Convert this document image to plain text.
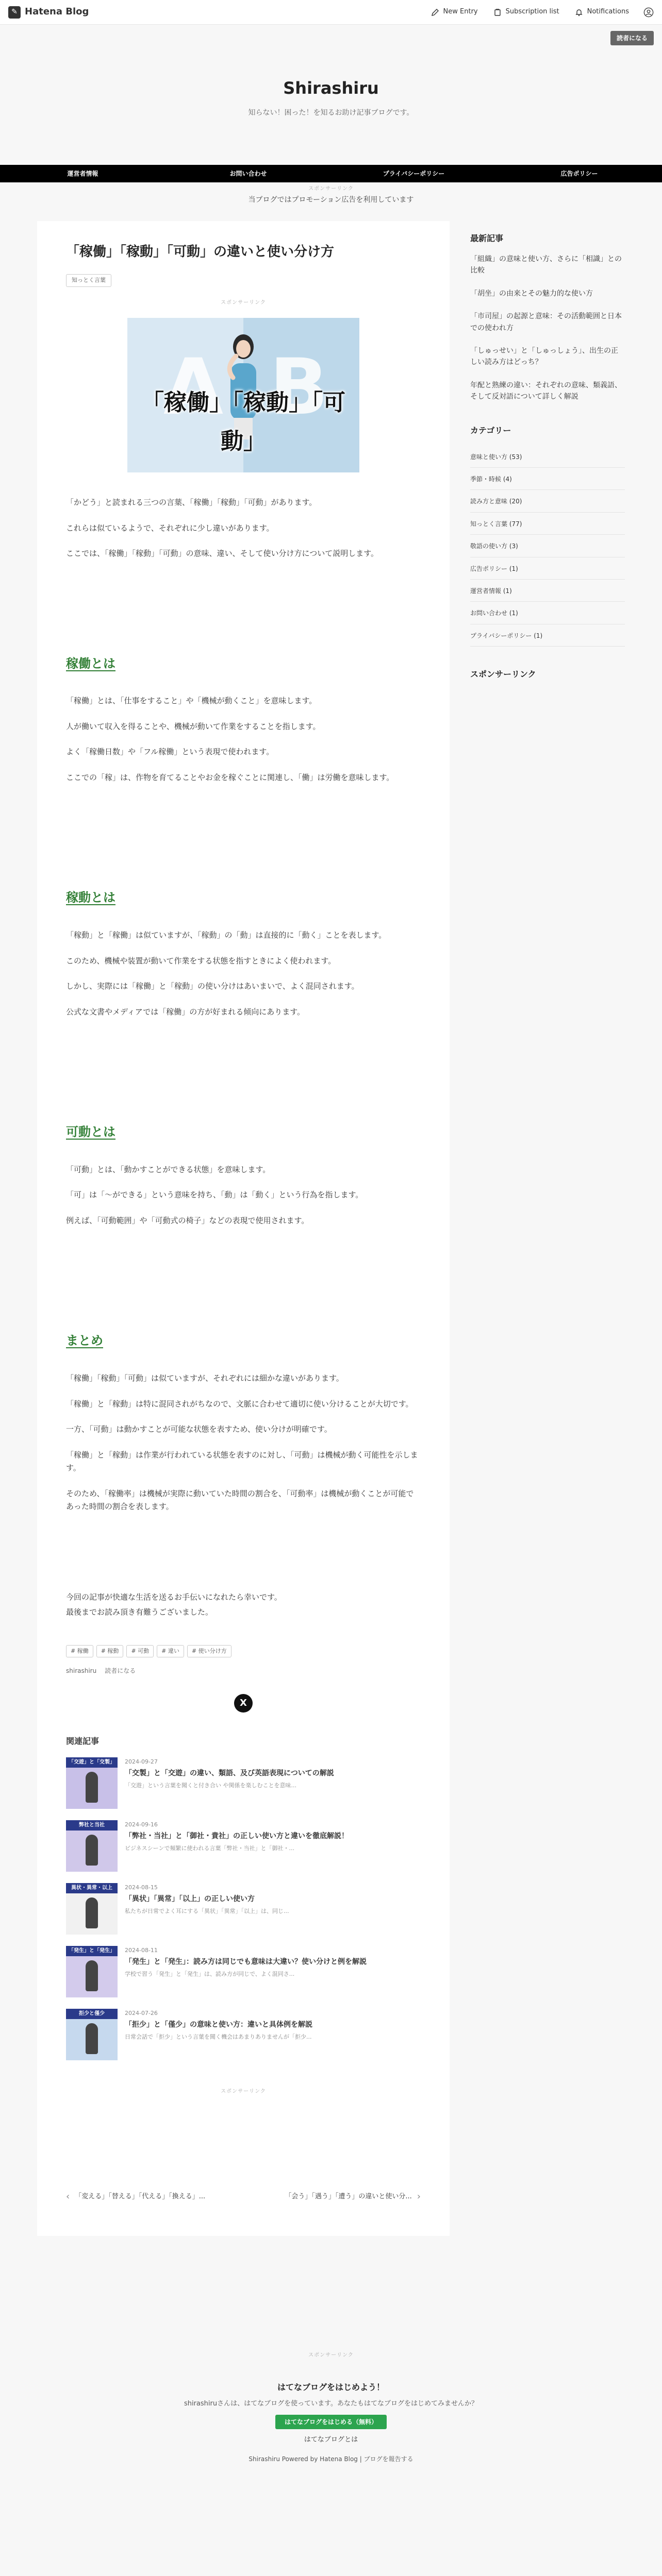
✎ Hatena Blog	New Entry	Subscription list	Notifications
読者になる
Shirashiru
知らない！困った！を知るお助け記事ブログです。
運営者情報	お問い合わせ	プライバシーポリシー	広告ポリシー
スポンサーリンク
当ブログではプロモーション広告を利用しています
「稼働」「稼動」「可動」の違いと使い分け方
知っとく言葉
スポンサーリンク
A B
「稼働」「稼動」「可動」

「かどう」と読まれる三つの言葉、「稼働」「稼動」「可動」があります。

これらは似ているようで、それぞれに少し違いがあります。

ここでは、「稼働」「稼動」「可動」の意味、違い、そして使い分け方について説明します。

稼働とは

「稼働」とは、「仕事をすること」や「機械が動くこと」を意味します。

人が働いて収入を得ることや、機械が動いて作業をすることを指します。

よく「稼働日数」や「フル稼働」という表現で使われます。

ここでの「稼」は、作物を育てることやお金を稼ぐことに関連し、「働」は労働を意味します。

稼動とは

「稼動」と「稼働」は似ていますが、「稼動」の「動」は直接的に「動く」ことを表します。

このため、機械や装置が動いて作業をする状態を指すときによく使われます。

しかし、実際には「稼働」と「稼動」の使い分けはあいまいで、よく混同されます。

公式な文書やメディアでは「稼働」の方が好まれる傾向にあります。

可動とは

「可動」とは、「動かすことができる状態」を意味します。

「可」は「〜ができる」という意味を持ち、「動」は「動く」という行為を指します。

例えば、「可動範囲」や「可動式の椅子」などの表現で使用されます。

まとめ

「稼働」「稼動」「可動」は似ていますが、それぞれには細かな違いがあります。

「稼働」と「稼動」は特に混同されがちなので、文脈に合わせて適切に使い分けることが大切です。

一方、「可動」は動かすことが可能な状態を表すため、使い分けが明確です。

「稼働」と「稼動」は作業が行われている状態を表すのに対し、「可動」は機械が動く可能性を示します。

そのため、「稼働率」は機械が実際に動いていた時間の割合を、「可動率」は機械が動くことが可能であった時間の割合を表します。

今回の記事が快適な生活を送るお手伝いになれたら幸いです。

最後までお読み頂き有難うございました。

# 稼働	# 稼動	# 可動	# 違い	# 使い分け方
shirashiru 読者になる
X
関連記事
「交遊」と「交製」	2024-09-27
「交製」と「交遊」の違い、類語、及び英語表現についての解説
「交遊」という言葉を聞くと付き合い や関係を楽しむことを意味...
弊社と当社	2024-09-16
「弊社・当社」と「御社・貴社」の正しい使い方と違いを徹底解説！
ビジネスシーンで頻繁に使われる言葉「弊社・当社」と「御社・...
異状・異常・以上	2024-08-15
「異状」「異常」「以上」の正しい使い方
私たちが日常でよく耳にする「異状」「異常」「以上」は、同じ...
「発生」と「発生」	2024-08-11
「発生」と「発生」：読み方は同じでも意味は大違い？使い分けと例を解説
学校で習う「発生」と「発生」は、読み方が同じで、よく混同さ...
拒少と僅少	2024-07-26
「拒少」と「僅少」の意味と使い方：違いと具体例を解説
日常会話で「拒少」という言葉を聞く機会はあまりありませんが「拒少...
スポンサーリンク
‹ 「変える」「替える」「代える」「換える」...	「会う」「遇う」「遭う」の違いと使い分... ›
最新記事
「組織」の意味と使い方、さらに「相識」との比較
「胡坐」の由来とその魅力的な使い方
「市司屋」の起源と意味：その活動範囲と日本での使われ方
「しゅっせい」と「しゅっしょう」、出生の正しい読み方はどっち？
年配と熟練の違い：それぞれの意味、類義語、そして反対語について詳しく解説
カテゴリー
意味と使い方 (53)
季節・時候 (4)
読み方と意味 (20)
知っとく言葉 (77)
敬語の使い方 (3)
広告ポリシー (1)
運営者情報 (1)
お問い合わせ (1)
プライバシーポリシー (1)
スポンサーリンク
スポンサーリンク
はてなブログをはじめよう！
shirashiruさんは、はてなブログを使っています。あなたもはてなブログをはじめてみませんか？
はてなブログをはじめる（無料）
はてなブログとは
Shirashiru Powered by Hatena Blog | ブログを報告する
